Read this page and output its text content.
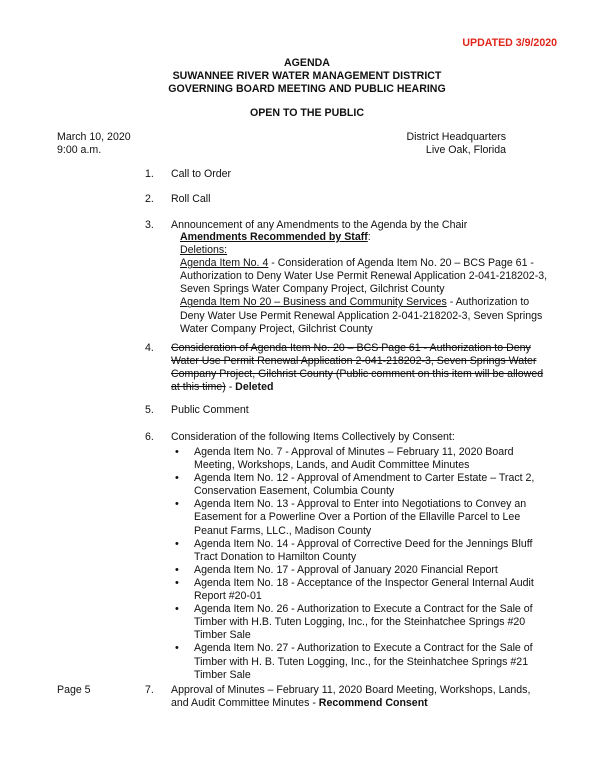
UPDATED 3/9/2020
AGENDA
SUWANNEE RIVER WATER MANAGEMENT DISTRICT
GOVERNING BOARD MEETING AND PUBLIC HEARING
OPEN TO THE PUBLIC
March 10, 2020
9:00 a.m.
District Headquarters
Live Oak, Florida
1. Call to Order
2. Roll Call
3. Announcement of any Amendments to the Agenda by the Chair
Amendments Recommended by Staff:
Deletions:
Agenda Item No. 4 - Consideration of Agenda Item No. 20 – BCS Page 61 - Authorization to Deny Water Use Permit Renewal Application 2-041-218202-3, Seven Springs Water Company Project, Gilchrist County
Agenda Item No 20 – Business and Community Services - Authorization to Deny Water Use Permit Renewal Application 2-041-218202-3, Seven Springs Water Company Project, Gilchrist County
4. Consideration of Agenda Item No. 20 – BCS Page 61 - Authorization to Deny Water Use Permit Renewal Application 2-041-218202-3, Seven Springs Water Company Project, Gilchrist County (Public comment on this item will be allowed at this time) - Deleted
5. Public Comment
6. Consideration of the following Items Collectively by Consent:
• Agenda Item No. 7 - Approval of Minutes – February 11, 2020 Board Meeting, Workshops, Lands, and Audit Committee Minutes
• Agenda Item No. 12 - Approval of Amendment to Carter Estate – Tract 2, Conservation Easement, Columbia County
• Agenda Item No. 13 - Approval to Enter into Negotiations to Convey an Easement for a Powerline Over a Portion of the Ellaville Parcel to Lee Peanut Farms, LLC., Madison County
• Agenda Item No. 14 - Approval of Corrective Deed for the Jennings Bluff Tract Donation to Hamilton County
• Agenda Item No. 17 - Approval of January 2020 Financial Report
• Agenda Item No. 18 - Acceptance of the Inspector General Internal Audit Report #20-01
• Agenda Item No. 26 - Authorization to Execute a Contract for the Sale of Timber with H.B. Tuten Logging, Inc., for the Steinhatchee Springs #20 Timber Sale
• Agenda Item No. 27 - Authorization to Execute a Contract for the Sale of Timber with H. B. Tuten Logging, Inc., for the Steinhatchee Springs #21 Timber Sale
Page 5	7. Approval of Minutes – February 11, 2020 Board Meeting, Workshops, Lands, and Audit Committee Minutes - Recommend Consent
